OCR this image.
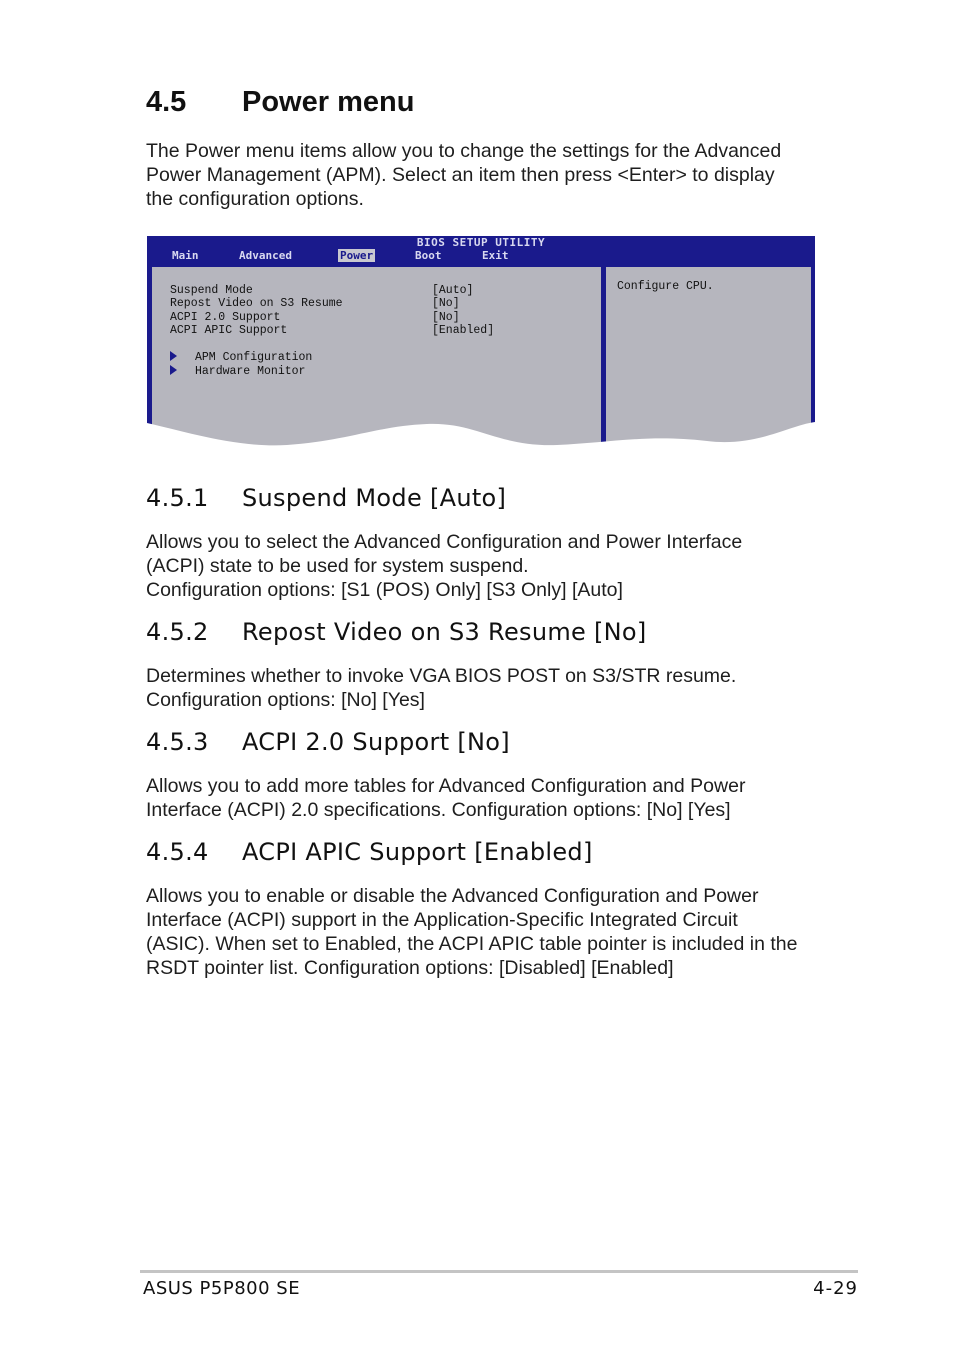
4.5 Power menu

The Power menu items allow you to change the settings for the Advanced
Power Management (APM). Select an item then press <Enter> to display
the configuration options.

BIOS SETUP UTILITY
Main	Advanced	Power	Boot	Exit
Suspend Mode	[Auto]
Repost Video on S3 Resume	[No]
ACPI 2.0 Support	[No]
ACPI APIC Support	[Enabled]
APM Configuration
Hardware Monitor
Configure CPU.
4.5.1 Suspend Mode [Auto]

Allows you to select the Advanced Configuration and Power Interface
(ACPI) state to be used for system suspend.
Configuration options: [S1 (POS) Only] [S3 Only] [Auto]

4.5.2 Repost Video on S3 Resume [No]

Determines whether to invoke VGA BIOS POST on S3/STR resume.
Configuration options: [No] [Yes]

4.5.3 ACPI 2.0 Support [No]

Allows you to add more tables for Advanced Configuration and Power
Interface (ACPI) 2.0 specifications. Configuration options: [No] [Yes]

4.5.4 ACPI APIC Support [Enabled]

Allows you to enable or disable the Advanced Configuration and Power
Interface (ACPI) support in the Application-Specific Integrated Circuit
(ASIC). When set to Enabled, the ACPI APIC table pointer is included in the
RSDT pointer list. Configuration options: [Disabled] [Enabled]

ASUS P5P800 SE	4-29
